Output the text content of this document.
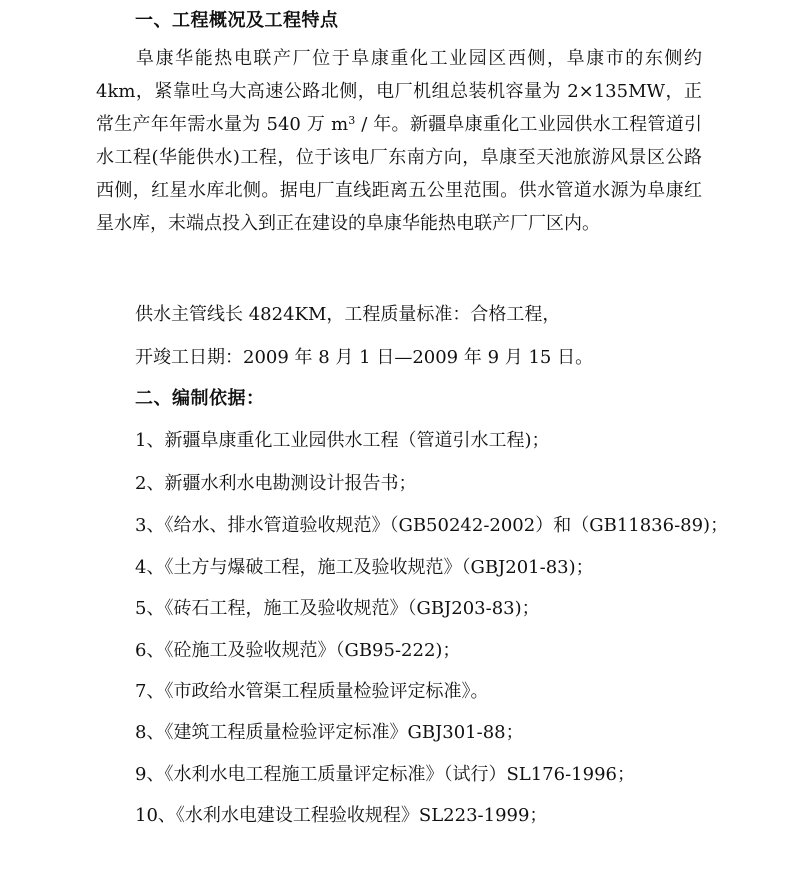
一、工程概况及工程特点

阜康华能热电联产厂位于阜康重化工业园区西侧，阜康市的东侧约4km，紧靠吐乌大高速公路北侧，电厂机组总装机容量为 2×135MW，正常生产年年需水量为 540 万 $m^3$ / 年。新疆阜康重化工业园供水工程管道引水工程(华能供水)工程，位于该电厂东南方向，阜康至天池旅游风景区公路西侧，红星水库北侧。据电厂直线距离五公里范围。供水管道水源为阜康红星水库，末端点投入到正在建设的阜康华能热电联产厂厂区内。

供水主管线长 4824KM，工程质量标准：合格工程，
开竣工日期：2009 年 8 月 1 日—2009 年 9 月 15 日。
二、编制依据：
1、新疆阜康重化工业园供水工程（管道引水工程)；
2、新疆水利水电勘测设计报告书；
3、《给水、排水管道验收规范》（GB50242-2002）和（GB11836-89)；
4、《土方与爆破工程，施工及验收规范》（GBJ201-83)；
5、《砖石工程，施工及验收规范》（GBJ203-83)；
6、《砼施工及验收规范》（GB95-222)；
7、《市政给水管渠工程质量检验评定标准》。
8、《建筑工程质量检验评定标准》GBJ301-88；
9、《水利水电工程施工质量评定标准》（试行）SL176-1996；
10、《水利水电建设工程验收规程》SL223-1999；
